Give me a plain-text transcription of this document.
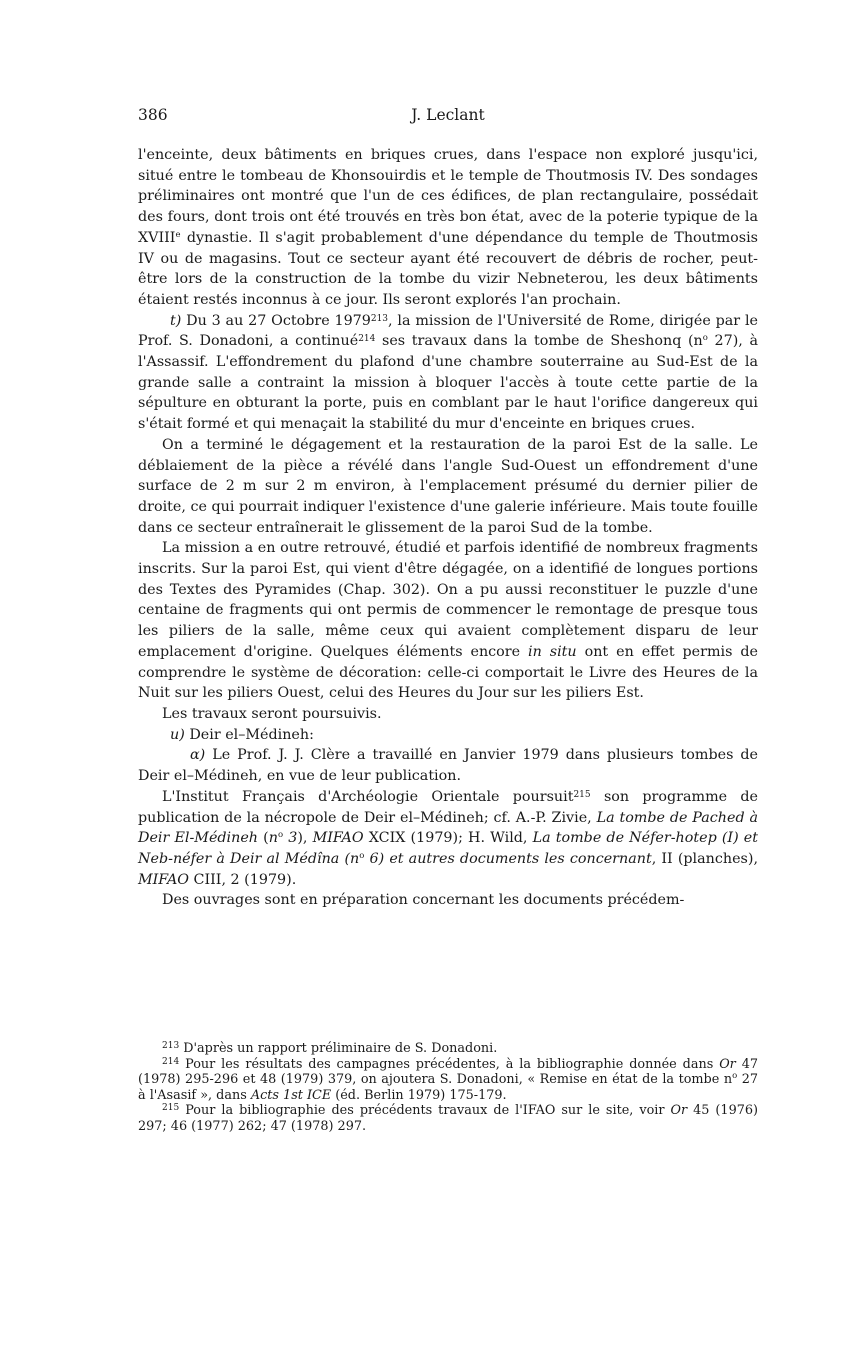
386	J. Leclant

l'enceinte, deux bâtiments en briques crues, dans l'espace non exploré jusqu'ici, situé entre le tombeau de Khonsouirdis et le temple de Thoutmosis IV. Des sondages préliminaires ont montré que l'un de ces édifices, de plan rectangulaire, possédait des fours, dont trois ont été trouvés en très bon état, avec de la poterie typique de la XVIIIe dynastie. Il s'agit probablement d'une dépendance du temple de Thoutmosis IV ou de magasins. Tout ce secteur ayant été recouvert de débris de rocher, peut-être lors de la construction de la tombe du vizir Nebneterou, les deux bâtiments étaient restés inconnus à ce jour. Ils seront explorés l'an prochain.

t) Du 3 au 27 Octobre 1979$^{213}$, la mission de l'Université de Rome, dirigée par le Prof. S. Donadoni, a continué$^{214}$ ses travaux dans la tombe de Sheshonq ($n^o$ 27), à l'Assassif. L'effondrement du plafond d'une chambre souterraine au Sud-Est de la grande salle a contraint la mission à bloquer l'accès à toute cette partie de la sépulture en obturant la porte, puis en comblant par le haut l'orifice dangereux qui s'était formé et qui menaçait la stabilité du mur d'enceinte en briques crues.

On a terminé le dégagement et la restauration de la paroi Est de la salle. Le déblaiement de la pièce a révélé dans l'angle Sud-Ouest un effondrement d'une surface de 2 m sur 2 m environ, à l'emplacement présumé du dernier pilier de droite, ce qui pourrait indiquer l'existence d'une galerie inférieure. Mais toute fouille dans ce secteur entraînerait le glissement de la paroi Sud de la tombe.

La mission a en outre retrouvé, étudié et parfois identifié de nombreux fragments inscrits. Sur la paroi Est, qui vient d'être dégagée, on a identifié de longues portions des Textes des Pyramides (Chap. 302). On a pu aussi reconstituer le puzzle d'une centaine de fragments qui ont permis de commencer le remontage de presque tous les piliers de la salle, même ceux qui avaient complètement disparu de leur emplacement d'origine. Quelques éléments encore in situ ont en effet permis de comprendre le système de décoration: celle-ci comportait le Livre des Heures de la Nuit sur les piliers Ouest, celui des Heures du Jour sur les piliers Est.

Les travaux seront poursuivis.

u) Deir el–Médineh:

α) Le Prof. J. J. Clère a travaillé en Janvier 1979 dans plusieurs tombes de Deir el–Médineh, en vue de leur publication.

L'Institut Français d'Archéologie Orientale poursuit$^{215}$ son programme de publication de la nécropole de Deir el–Médineh; cf. A.-P. Zivie, La tombe de Pached à Deir El-Médineh ($n^o$ 3), MIFAO XCIX (1979); H. Wild, La tombe de Néfer-hotep (I) et Neb-néfer à Deir al Médîna ($n^o$ 6) et autres documents les concernant, II (planches), MIFAO CIII, 2 (1979).

Des ouvrages sont en préparation concernant les documents précédem-

$^{213}$ D'après un rapport préliminaire de S. Donadoni.

$^{214}$ Pour les résultats des campagnes précédentes, à la bibliographie donnée dans Or 47 (1978) 295-296 et 48 (1979) 379, on ajoutera S. Donadoni, « Remise en état de la tombe $n^o$ 27 à l'Asasif », dans Acts 1st ICE (éd. Berlin 1979) 175-179.

$^{215}$ Pour la bibliographie des précédents travaux de l'IFAO sur le site, voir Or 45 (1976) 297; 46 (1977) 262; 47 (1978) 297.
